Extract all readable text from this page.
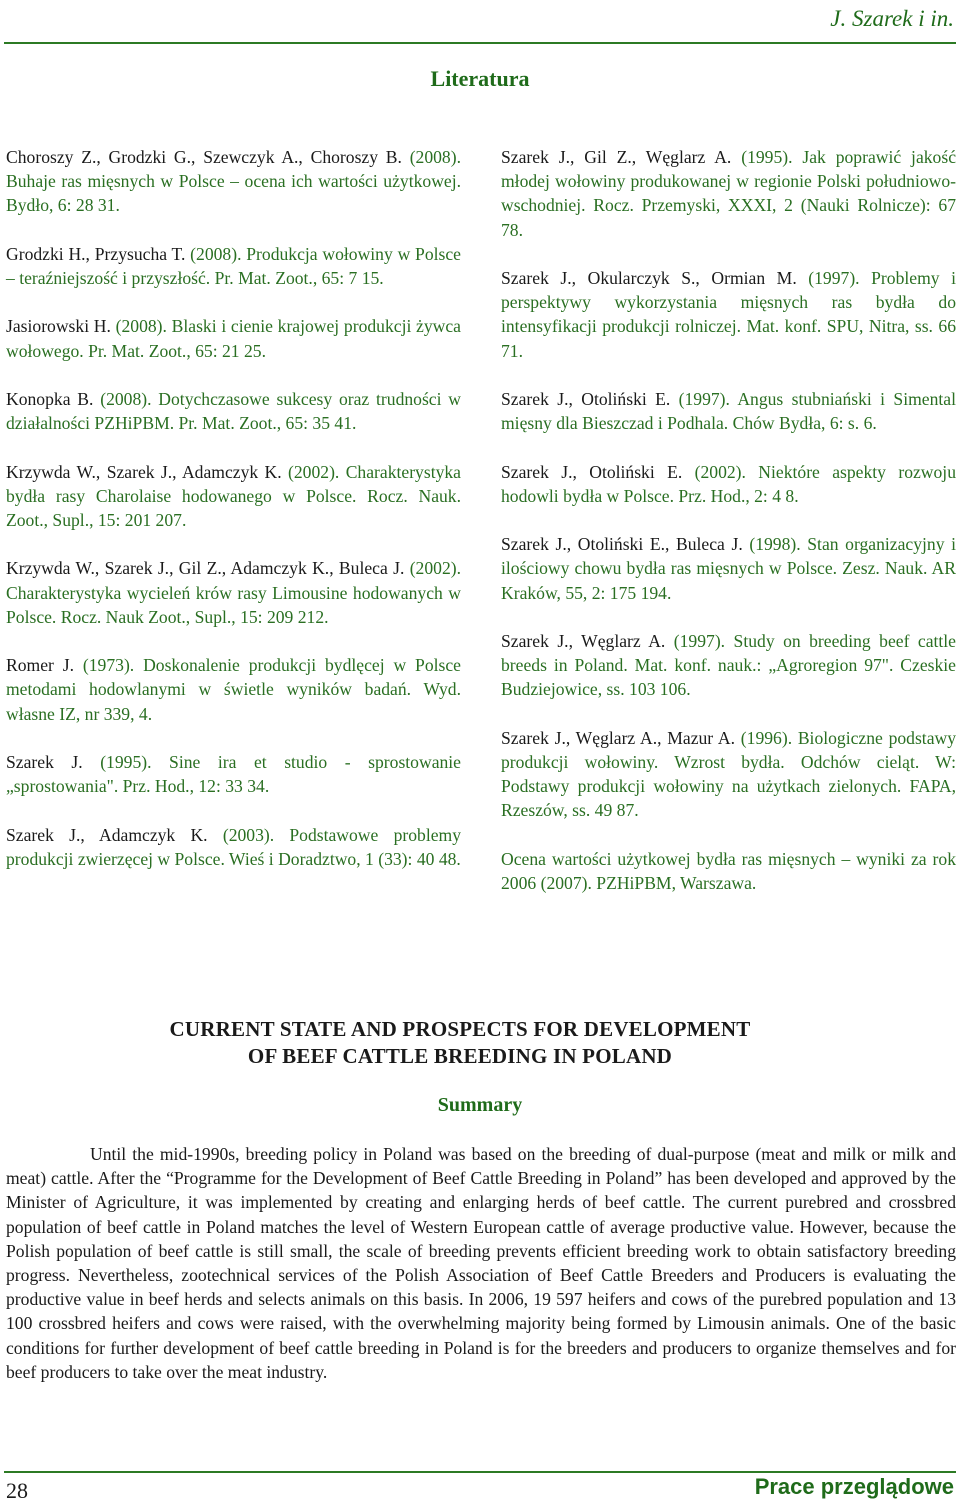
J. Szarek i in.
Literatura

Choroszy Z., Grodzki G., Szewczyk A., Choroszy B. (2008). Buhaje ras mięsnych w Polsce – ocena ich wartości użytkowej. Bydło, 6: 28 31.

Grodzki H., Przysucha T. (2008). Produkcja wołowiny w Polsce – teraźniejszość i przyszłość. Pr. Mat. Zoot., 65: 7 15.

Jasiorowski H. (2008). Blaski i cienie krajowej produkcji żywca wołowego. Pr. Mat. Zoot., 65: 21 25.

Konopka B. (2008). Dotychczasowe sukcesy oraz trudności w działalności PZHiPBM. Pr. Mat. Zoot., 65: 35 41.

Krzywda W., Szarek J., Adamczyk K. (2002). Charakterystyka bydła rasy Charolaise hodowanego w Polsce. Rocz. Nauk. Zoot., Supl., 15: 201 207.

Krzywda W., Szarek J., Gil Z., Adamczyk K., Buleca J. (2002). Charakterystyka wycieleń krów rasy Limousine hodowanych w Polsce. Rocz. Nauk Zoot., Supl., 15: 209 212.

Romer J. (1973). Doskonalenie produkcji bydlęcej w Polsce metodami hodowlanymi w świetle wyników badań. Wyd. własne IZ, nr 339, 4.

Szarek J. (1995). Sine ira et studio - sprostowanie „sprostowania". Prz. Hod., 12: 33 34.

Szarek J., Adamczyk K. (2003). Podstawowe problemy produkcji zwierzęcej w Polsce. Wieś i Doradztwo, 1 (33): 40 48.

Szarek J., Gil Z., Węglarz A. (1995). Jak poprawić jakość młodej wołowiny produkowanej w regionie Polski południowo-wschodniej. Rocz. Przemyski, XXXI, 2 (Nauki Rolnicze): 67 78.

Szarek J., Okularczyk S., Ormian M. (1997). Problemy i perspektywy wykorzystania mięsnych ras bydła do intensyfikacji produkcji rolniczej. Mat. konf. SPU, Nitra, ss. 66 71.

Szarek J., Otoliński E. (1997). Angus stubniański i Simental mięsny dla Bieszczad i Podhala. Chów Bydła, 6: s. 6.

Szarek J., Otoliński E. (2002). Niektóre aspekty rozwoju hodowli bydła w Polsce. Prz. Hod., 2: 4 8.

Szarek J., Otoliński E., Buleca J. (1998). Stan organizacyjny i ilościowy chowu bydła ras mięsnych w Polsce. Zesz. Nauk. AR Kraków, 55, 2: 175 194.

Szarek J., Węglarz A. (1997). Study on breeding beef cattle breeds in Poland. Mat. konf. nauk.: „Agroregion 97". Czeskie Budziejowice, ss. 103 106.

Szarek J., Węglarz A., Mazur A. (1996). Biologiczne podstawy produkcji wołowiny. Wzrost bydła. Odchów cieląt. W: Podstawy produkcji wołowiny na użytkach zielonych. FAPA, Rzeszów, ss. 49 87.

Ocena wartości użytkowej bydła ras mięsnych – wyniki za rok 2006 (2007). PZHiPBM, Warszawa.

CURRENT STATE AND PROSPECTS FOR DEVELOPMENT
OF BEEF CATTLE BREEDING IN POLAND
Summary
Until the mid-1990s, breeding policy in Poland was based on the breeding of dual-purpose (meat and milk or milk and meat) cattle. After the “Programme for the Development of Beef Cattle Breeding in Poland” has been developed and approved by the Minister of Agriculture, it was implemented by creating and enlarging herds of beef cattle. The current purebred and crossbred population of beef cattle in Poland matches the level of Western European cattle of average productive value. However, because the Polish population of beef cattle is still small, the scale of breeding prevents efficient breeding work to obtain satisfactory breeding progress. Nevertheless, zootechnical services of the Polish Association of Beef Cattle Breeders and Producers is evaluating the productive value in beef herds and selects animals on this basis. In 2006, 19 597 heifers and cows of the purebred population and 13 100 crossbred heifers and cows were raised, with the overwhelming majority being formed by Limousin animals. One of the basic conditions for further development of beef cattle breeding in Poland is for the breeders and producers to organize themselves and for beef producers to take over the meat industry.
28	Prace przeglądowe
